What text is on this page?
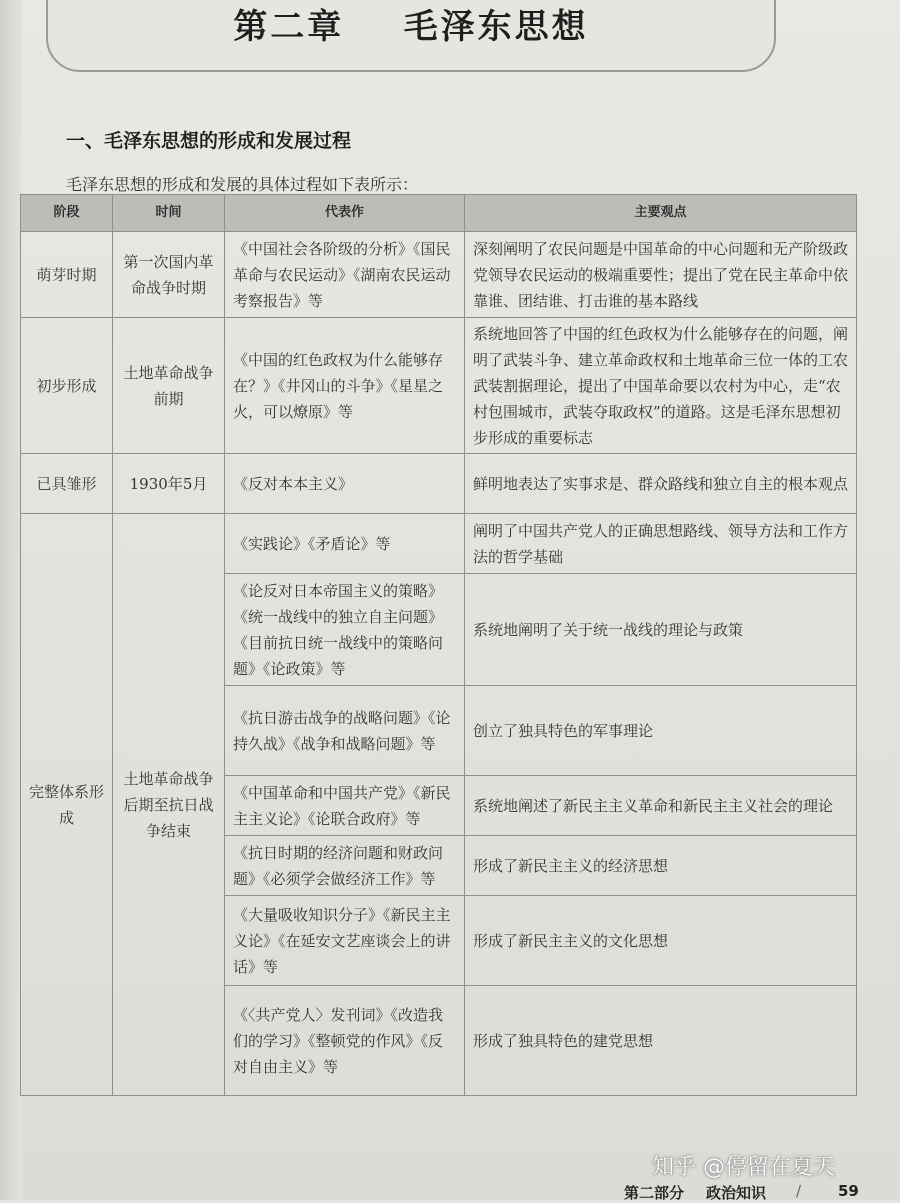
第二章    毛泽东思想
一、毛泽东思想的形成和发展过程
毛泽东思想的形成和发展的具体过程如下表所示：
阶段	时间	代表作	主要观点
萌芽时期	第一次国内革命战争时期	《中国社会各阶级的分析》《国民革命与农民运动》《湖南农民运动考察报告》等	深刻阐明了农民问题是中国革命的中心问题和无产阶级政党领导农民运动的极端重要性；提出了党在民主革命中依靠谁、团结谁、打击谁的基本路线
初步形成	土地革命战争前期	《中国的红色政权为什么能够存在？》《井冈山的斗争》《星星之火，可以燎原》等	系统地回答了中国的红色政权为什么能够存在的问题，阐明了武装斗争、建立革命政权和土地革命三位一体的工农武装割据理论，提出了中国革命要以农村为中心，走“农村包围城市，武装夺取政权”的道路。这是毛泽东思想初步形成的重要标志
已具雏形	1930年5月	《反对本本主义》	鲜明地表达了实事求是、群众路线和独立自主的根本观点
完整体系形成	土地革命战争后期至抗日战争结束	《实践论》《矛盾论》等	阐明了中国共产党人的正确思想路线、领导方法和工作方法的哲学基础
		《论反对日本帝国主义的策略》《统一战线中的独立自主问题》《目前抗日统一战线中的策略问题》《论政策》等	系统地阐明了关于统一战线的理论与政策
		《抗日游击战争的战略问题》《论持久战》《战争和战略问题》等	创立了独具特色的军事理论
		《中国革命和中国共产党》《新民主主义论》《论联合政府》等	系统地阐述了新民主主义革命和新民主主义社会的理论
		《抗日时期的经济问题和财政问题》《必须学会做经济工作》等	形成了新民主主义的经济思想
		《大量吸收知识分子》《新民主主义论》《在延安文艺座谈会上的讲话》等	形成了新民主主义的文化思想
		《〈共产党人〉发刊词》《改造我们的学习》《整顿党的作风》《反对自由主义》等	形成了独具特色的建党思想
知乎 @停留在夏天
第二部分 政治知识 / 59
